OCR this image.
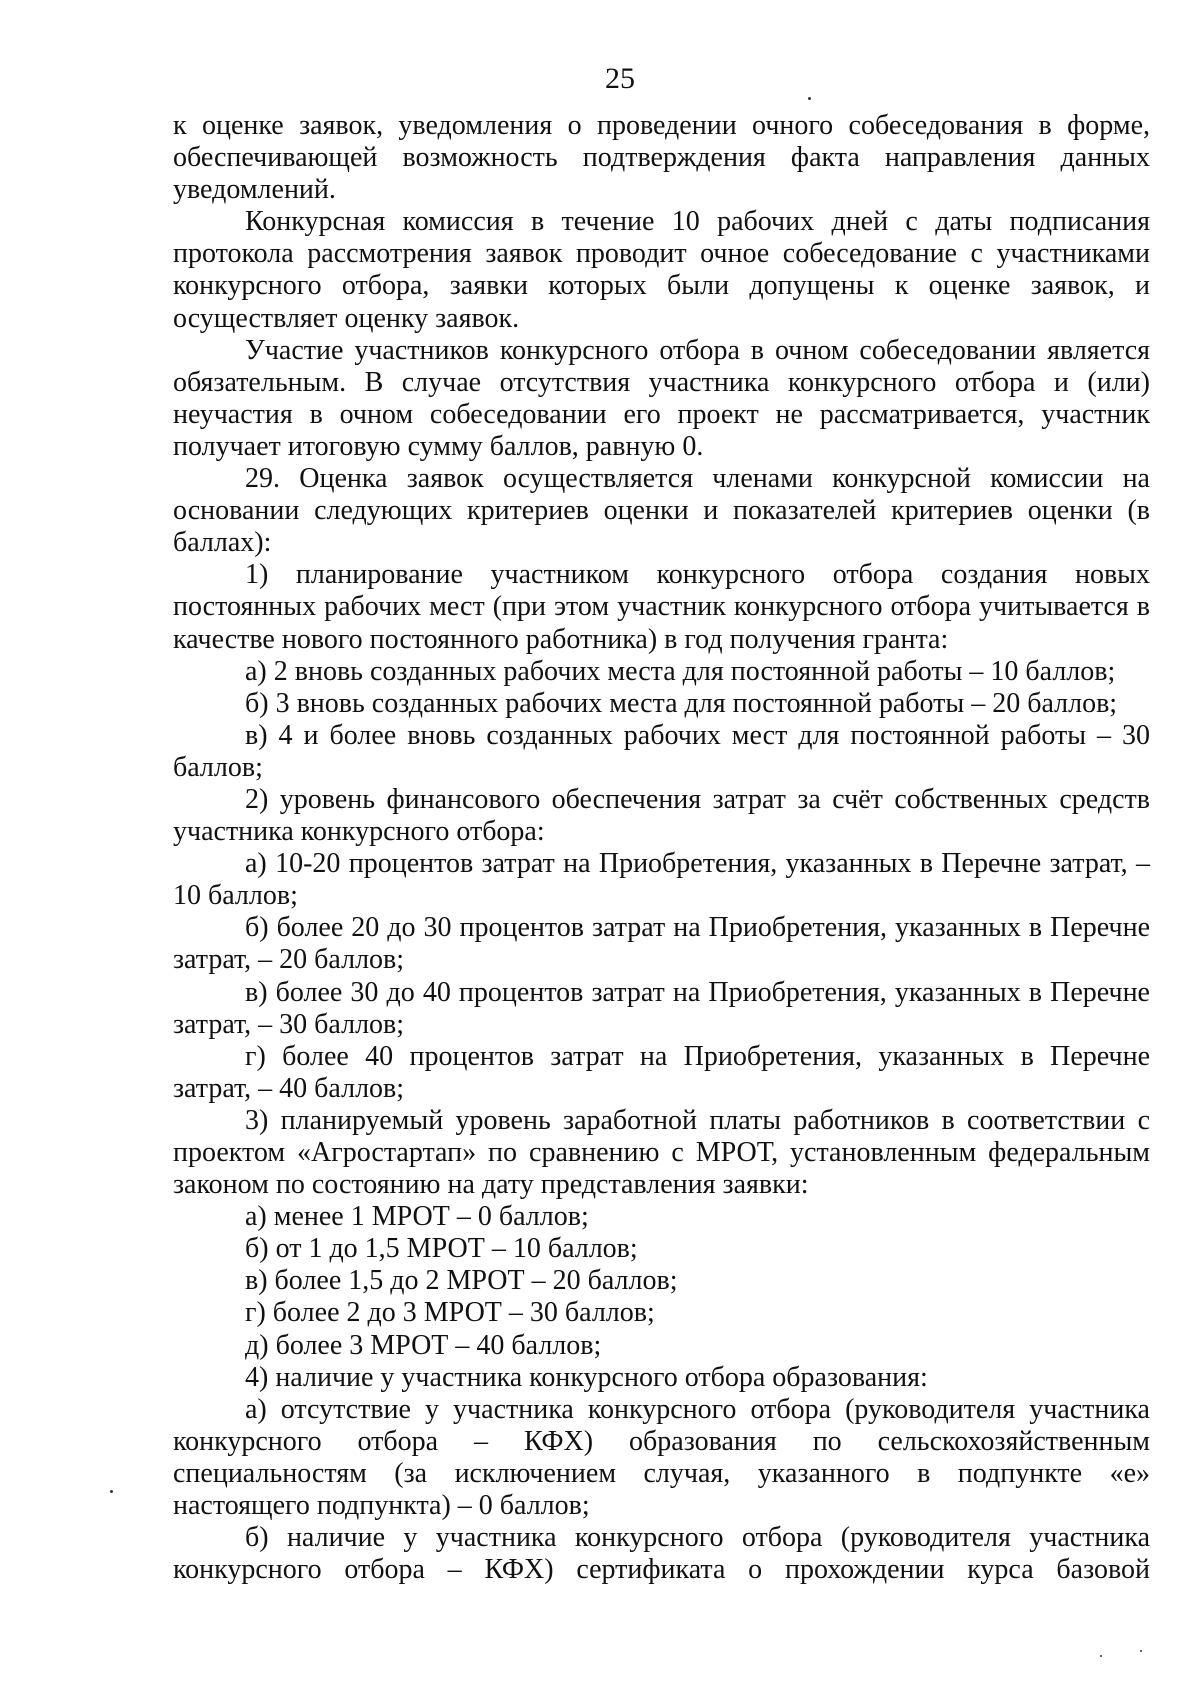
25

к оценке заявок, уведомления о проведении очного собеседования в форме, обеспечивающей возможность подтверждения факта направления данных уведомлений.

Конкурсная комиссия в течение 10 рабочих дней с даты подписания протокола рассмотрения заявок проводит очное собеседование с участниками конкурсного отбора, заявки которых были допущены к оценке заявок, и осуществляет оценку заявок.

Участие участников конкурсного отбора в очном собеседовании является обязательным. В случае отсутствия участника конкурсного отбора и (или) неучастия в очном собеседовании его проект не рассматривается, участник получает итоговую сумму баллов, равную 0.

29. Оценка заявок осуществляется членами конкурсной комиссии на основании следующих критериев оценки и показателей критериев оценки (в баллах):

1) планирование участником конкурсного отбора создания новых постоянных рабочих мест (при этом участник конкурсного отбора учитывается в качестве нового постоянного работника) в год получения гранта:

а) 2 вновь созданных рабочих места для постоянной работы – 10 баллов;

б) 3 вновь созданных рабочих места для постоянной работы – 20 баллов;

в) 4 и более вновь созданных рабочих мест для постоянной работы – 30 баллов;

2) уровень финансового обеспечения затрат за счёт собственных средств участника конкурсного отбора:

а) 10-20 процентов затрат на Приобретения, указанных в Перечне затрат, – 10 баллов;

б) более 20 до 30 процентов затрат на Приобретения, указанных в Перечне затрат, – 20 баллов;

в) более 30 до 40 процентов затрат на Приобретения, указанных в Перечне затрат, – 30 баллов;

г) более 40 процентов затрат на Приобретения, указанных в Перечне затрат, – 40 баллов;

3) планируемый уровень заработной платы работников в соответствии с проектом «Агростартап» по сравнению с МРОТ, установленным федеральным законом по состоянию на дату представления заявки:

а) менее 1 МРОТ – 0 баллов;

б) от 1 до 1,5 МРОТ – 10 баллов;

в) более 1,5 до 2 МРОТ – 20 баллов;

г) более 2 до 3 МРОТ – 30 баллов;

д) более 3 МРОТ – 40 баллов;

4) наличие у участника конкурсного отбора образования:

а) отсутствие у участника конкурсного отбора (руководителя участника конкурсного отбора – КФХ) образования по сельскохозяйственным специальностям (за исключением случая, указанного в подпункте «е» настоящего подпункта) – 0 баллов;

б) наличие у участника конкурсного отбора (руководителя участника конкурсного отбора – КФХ) сертификата о прохождении курса базовой
